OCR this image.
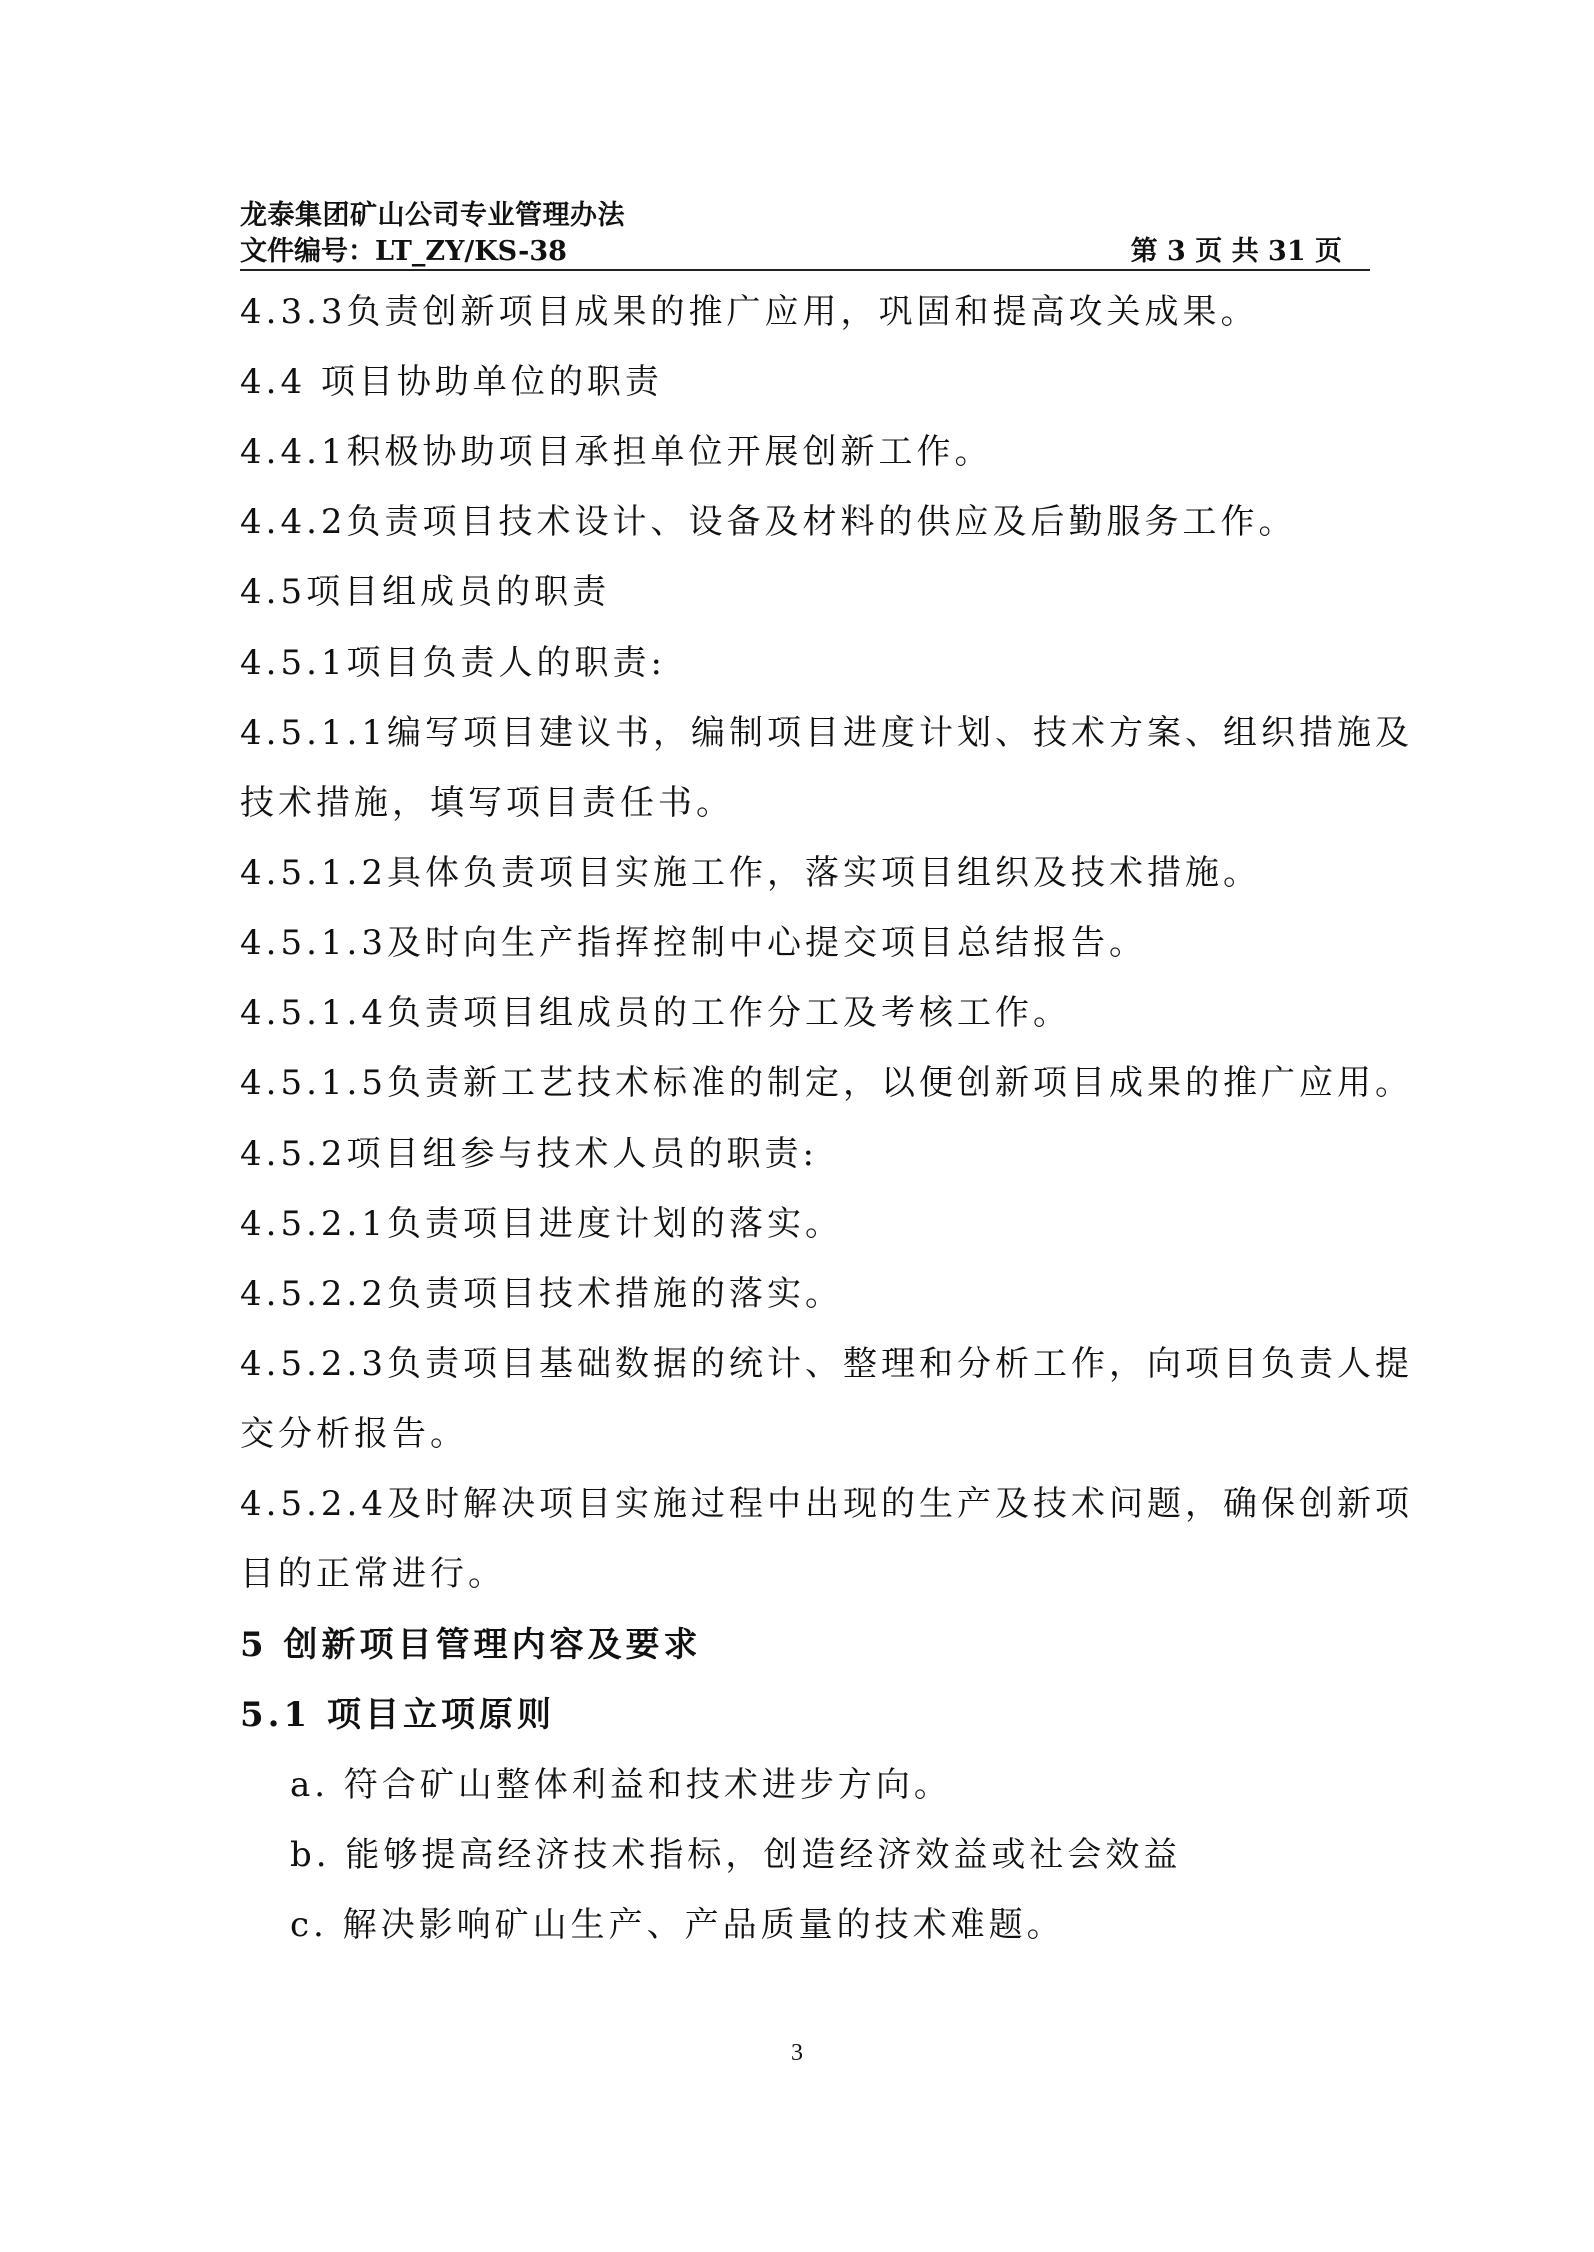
龙泰集团矿山公司专业管理办法
文件编号：LT_ZY/KS-38	第 3 页 共 31 页
4.3.3负责创新项目成果的推广应用，巩固和提高攻关成果。
4.4 项目协助单位的职责
4.4.1积极协助项目承担单位开展创新工作。
4.4.2负责项目技术设计、设备及材料的供应及后勤服务工作。
4.5项目组成员的职责
4.5.1项目负责人的职责:
4.5.1.1编写项目建议书，编制项目进度计划、技术方案、组织措施及
技术措施，填写项目责任书。
4.5.1.2具体负责项目实施工作，落实项目组织及技术措施。
4.5.1.3及时向生产指挥控制中心提交项目总结报告。
4.5.1.4负责项目组成员的工作分工及考核工作。
4.5.1.5负责新工艺技术标准的制定，以便创新项目成果的推广应用。
4.5.2项目组参与技术人员的职责:
4.5.2.1负责项目进度计划的落实。
4.5.2.2负责项目技术措施的落实。
4.5.2.3负责项目基础数据的统计、整理和分析工作，向项目负责人提
交分析报告。
4.5.2.4及时解决项目实施过程中出现的生产及技术问题，确保创新项
目的正常进行。
5 创新项目管理内容及要求
5.1 项目立项原则
a. 符合矿山整体利益和技术进步方向。
b. 能够提高经济技术指标，创造经济效益或社会效益
c. 解决影响矿山生产、产品质量的技术难题。
3
